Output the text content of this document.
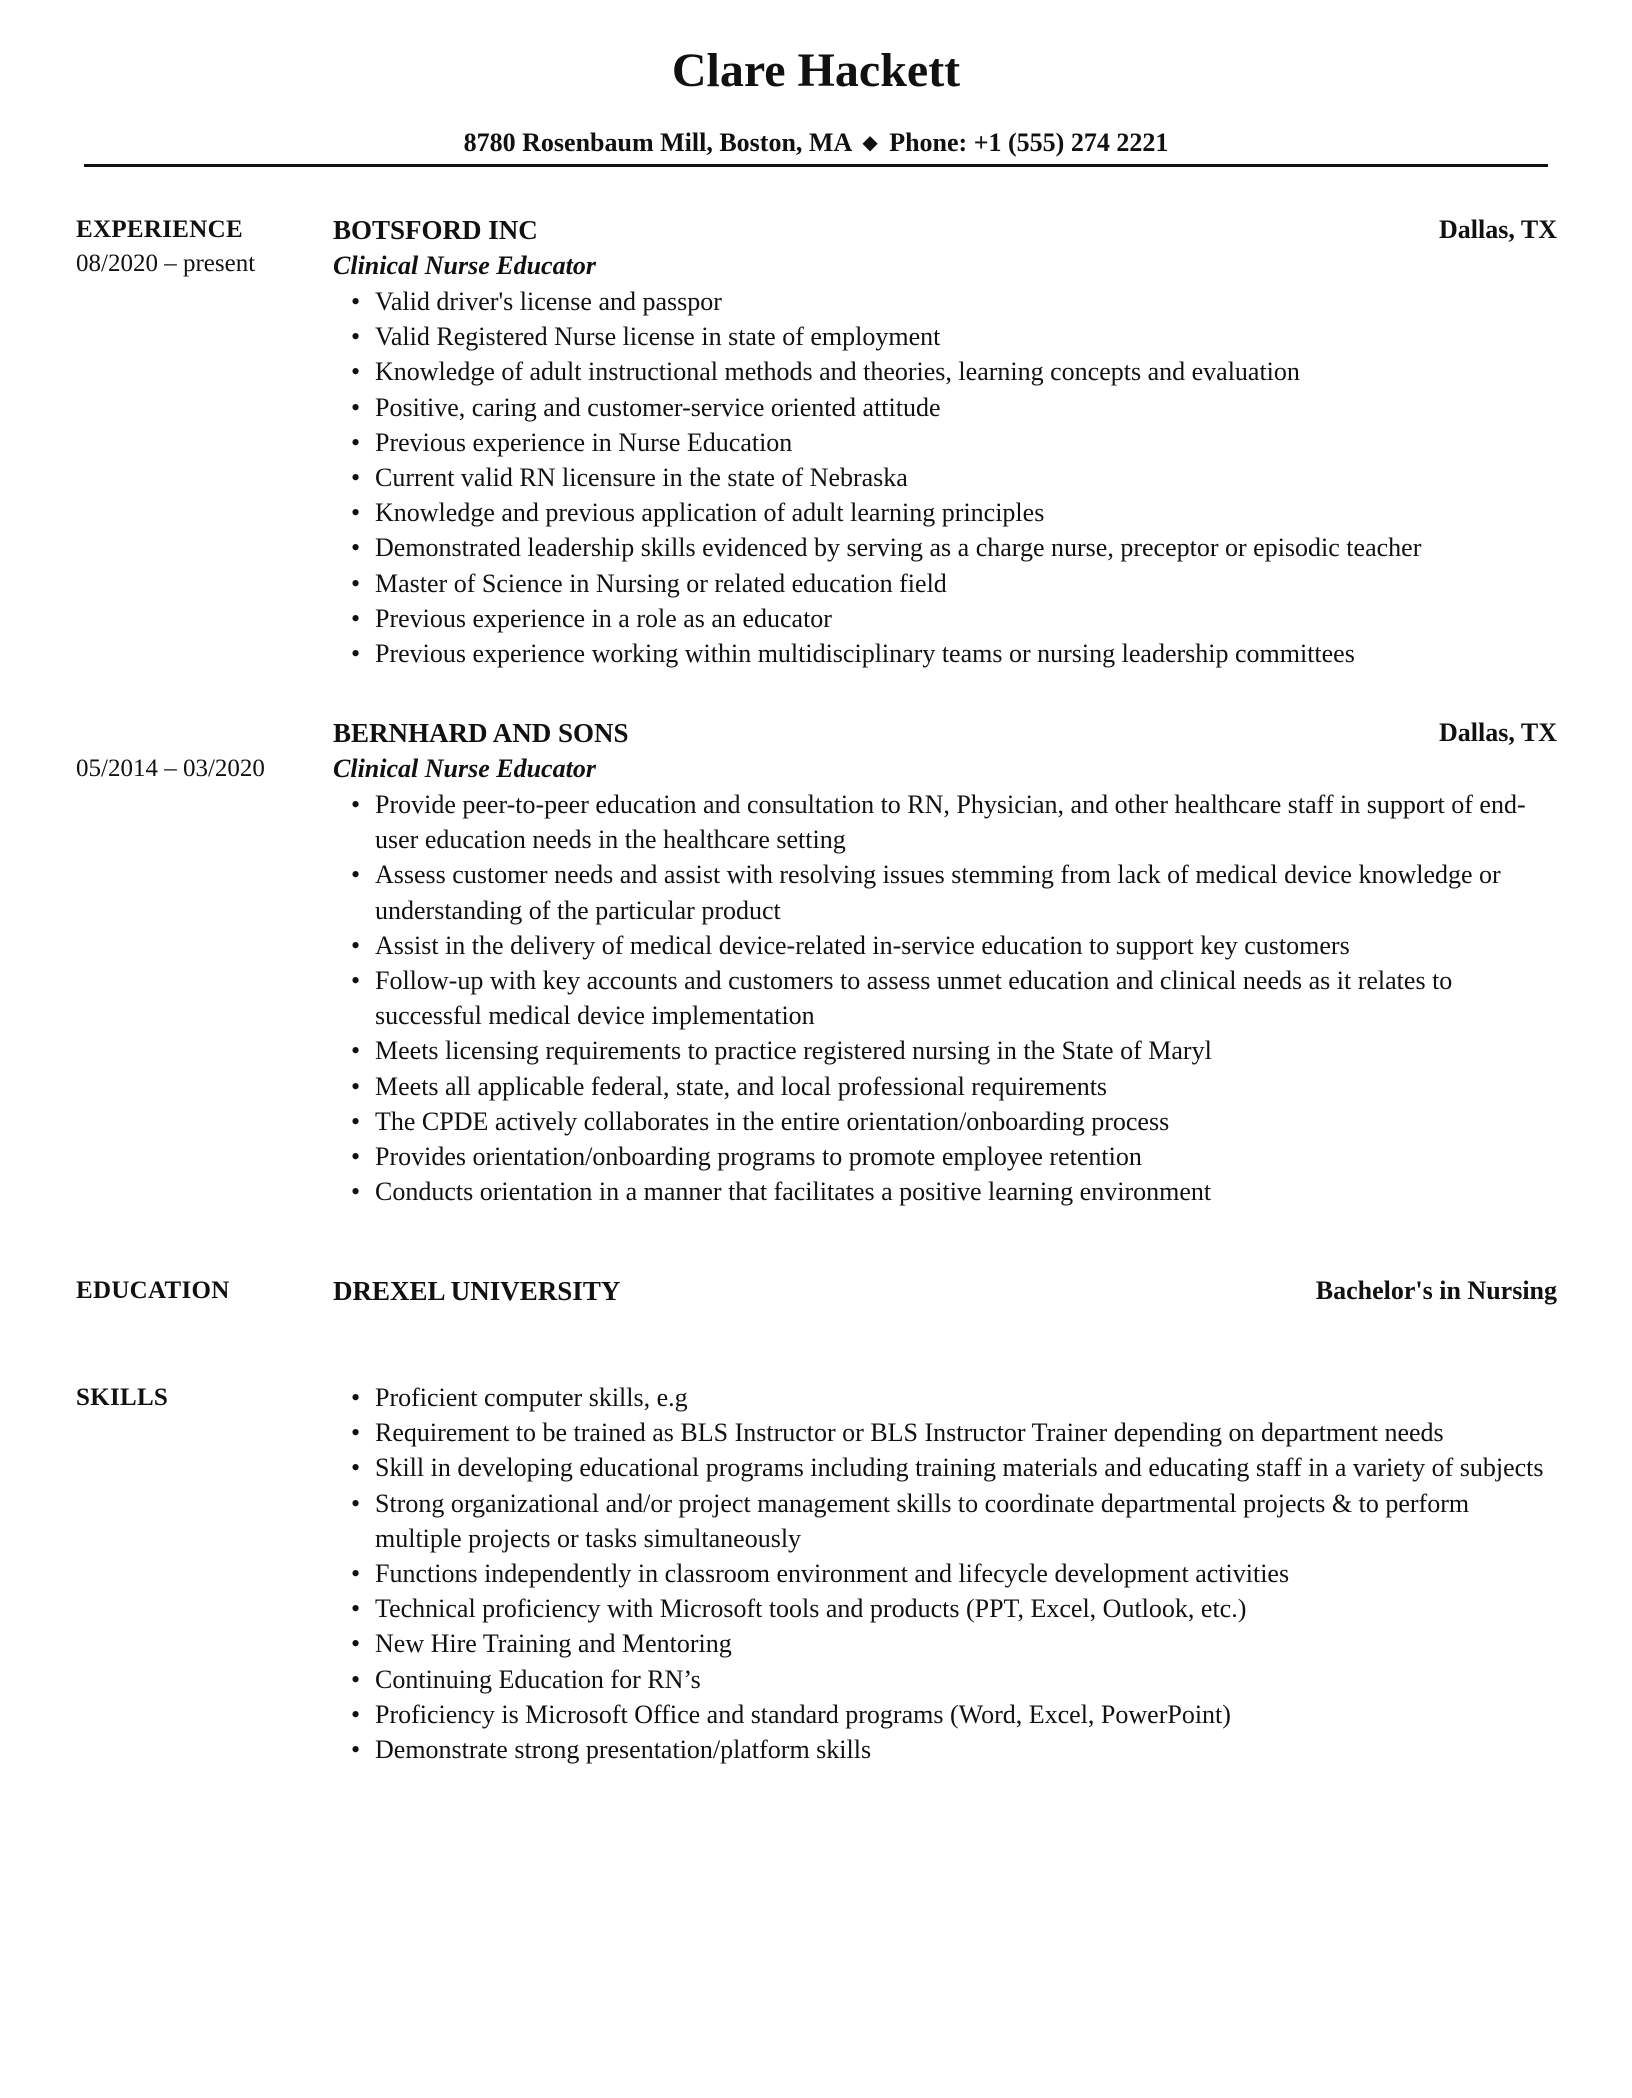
Clare Hackett
8780 Rosenbaum Mill, Boston, MA ◆ Phone: +1 (555) 274 2221
EXPERIENCE
08/2020 – present
BOTSFORD INC	Dallas, TX
Clinical Nurse Educator
• Valid driver's license and passpor
• Valid Registered Nurse license in state of employment
• Knowledge of adult instructional methods and theories, learning concepts and evaluation
• Positive, caring and customer-service oriented attitude
• Previous experience in Nurse Education
• Current valid RN licensure in the state of Nebraska
• Knowledge and previous application of adult learning principles
• Demonstrated leadership skills evidenced by serving as a charge nurse, preceptor or episodic teacher
• Master of Science in Nursing or related education field
• Previous experience in a role as an educator
• Previous experience working within multidisciplinary teams or nursing leadership committees
05/2014 – 03/2020
BERNHARD AND SONS	Dallas, TX
Clinical Nurse Educator
• Provide peer-to-peer education and consultation to RN, Physician, and other healthcare staff in support of end-user education needs in the healthcare setting
• Assess customer needs and assist with resolving issues stemming from lack of medical device knowledge or understanding of the particular product
• Assist in the delivery of medical device-related in-service education to support key customers
• Follow-up with key accounts and customers to assess unmet education and clinical needs as it relates to successful medical device implementation
• Meets licensing requirements to practice registered nursing in the State of Maryl
• Meets all applicable federal, state, and local professional requirements
• The CPDE actively collaborates in the entire orientation/onboarding process
• Provides orientation/onboarding programs to promote employee retention
• Conducts orientation in a manner that facilitates a positive learning environment
EDUCATION	DREXEL UNIVERSITY	Bachelor's in Nursing
SKILLS
•	Proficient computer skills, e.g
• Requirement to be trained as BLS Instructor or BLS Instructor Trainer depending on department needs
• Skill in developing educational programs including training materials and educating staff in a variety of subjects
• Strong organizational and/or project management skills to coordinate departmental projects & to perform multiple projects or tasks simultaneously
• Functions independently in classroom environment and lifecycle development activities
• Technical proficiency with Microsoft tools and products (PPT, Excel, Outlook, etc.)
• New Hire Training and Mentoring
• Continuing Education for RN’s
• Proficiency is Microsoft Office and standard programs (Word, Excel, PowerPoint)
• Demonstrate strong presentation/platform skills
